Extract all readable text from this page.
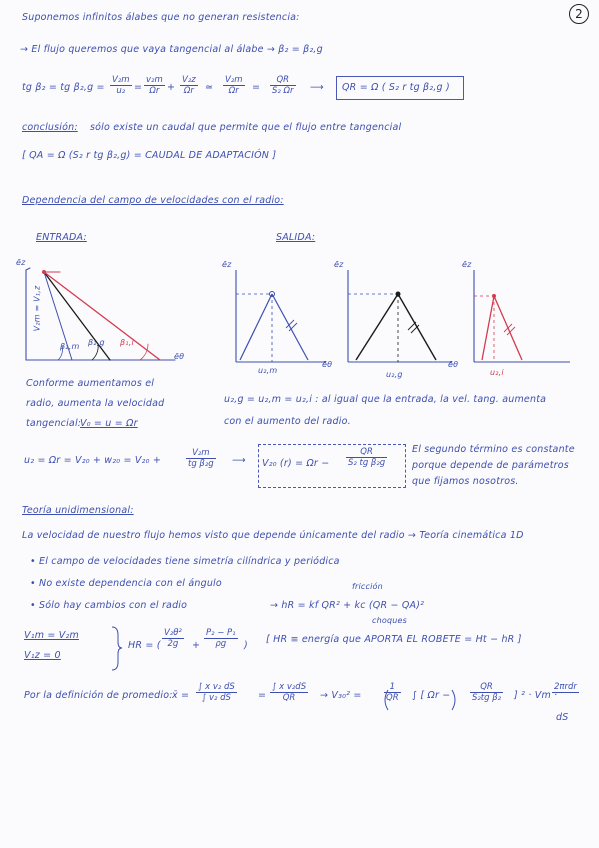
2
Suponemos infinitos álabes que no generan resistencia:
→ El flujo queremos que vaya tangencial al álabe → β₂ = β₂,g
tg β₂ = tg $\beta_2,g = \frac{\text{V₂m}}{\text{u₂}} = \frac{\text{v₂m}}{\Omega r} + \frac{\text{V₂z}}{\Omega r}$ ≃ $\frac{\text{V₂m}}{\Omega r} = \frac{QR}{\text{S₂ Ωr}}$ ⟶ QR = Ω ( S₂ r tg β₂,g )
conclusión: sólo existe un caudal que permite que el flujo entre tangencial
[ QA = Ω (S₂ r tg β₂,g) = CAUDAL DE ADAPTACIÓN ]
Dependencia del campo de velocidades con el radio:
ENTRADA:	SALIDA:
ēz
ēθ
V₂m = V₁,z
β₂,m β₂,g β₁,i
ēz
ēθ
u₂,m
ēz
ēθ
u₂,g
ēz
u₂,i
Conforme aumentamos el
radio, aumenta la velocidad
tangencial:
V₀ = u = Ωr
u₂,g = u₂,m = u₂,i : al igual que la entrada, la vel. tang. aumenta
con el aumento del radio.
u₂ = Ωr = V₂₀ + w₂₀ = V₂₀ +	$\frac{\text{V₂m}}{\text{tg β₂g}}$ ⟶ V₂₀ $(r) = \Omega r - \frac{QR}{\text{S₂ tg β₂g}}$	El segundo término es constante
porque depende de parámetros
que fijamos nosotros.
Teoría unidimensional:
La velocidad de nuestro flujo hemos visto que depende únicamente del radio → Teoría cinemática 1D
• El campo de velocidades tiene simetría cilíndrica y periódica
• No existe dependencia con el ángulo
• Sólo hay cambios con el radio
fricción
→ hR = kf QR² + kc (QR − QA)²
choques
V₁m = V₂m
V₁z = 0
HR = ( $\frac{\text{V₂θ²}}{2g} + \frac{\text{P₂ − P₁}}{\rho g}$ )
[ HR ≡ energía que APORTA EL ROBETE = Ht − hR ]
Por la definición de promedio: x̄ = $\frac{\text{∫ x v₂ dS}}{\text{∫ v₂ dS}} = \frac{\text{∫ x v₂dS}}{QR} \to V_{30}^2$ =	$\frac{1}{QR}$ ∫ [ $\Omega r - \frac{QR}{\text{S₂tg β₂}}$ ] ² · Vm ·
2πrdr
dS
